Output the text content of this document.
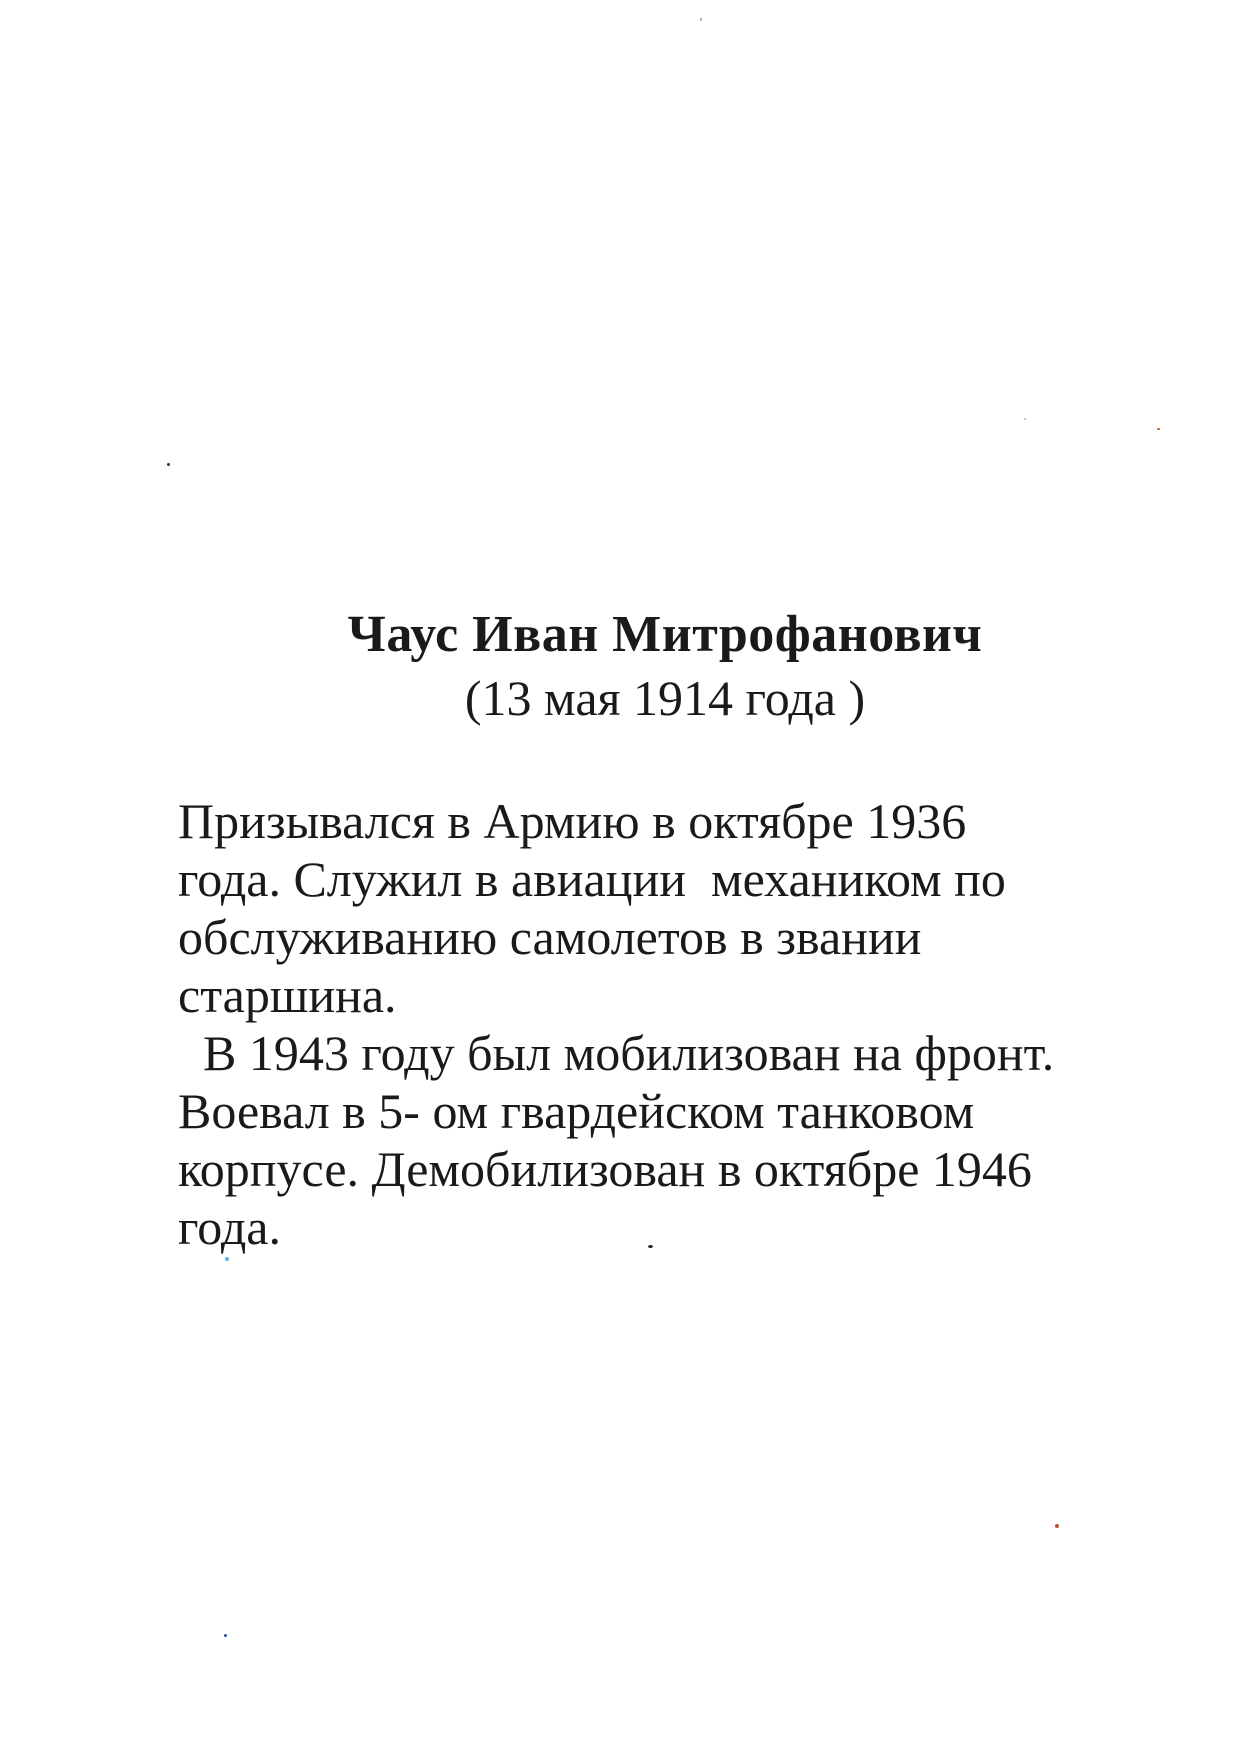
Чаус Иван Митрофанович
(13 мая 1914 года )

Призывался в Армию в октябре 1936
года. Служил в авиации  механиком по
обслуживанию самолетов в звании
старшина.

В 1943 году был мобилизован на фронт.
Воевал в 5- ом гвардейском танковом
корпусе. Демобилизован в октябре 1946
года.
